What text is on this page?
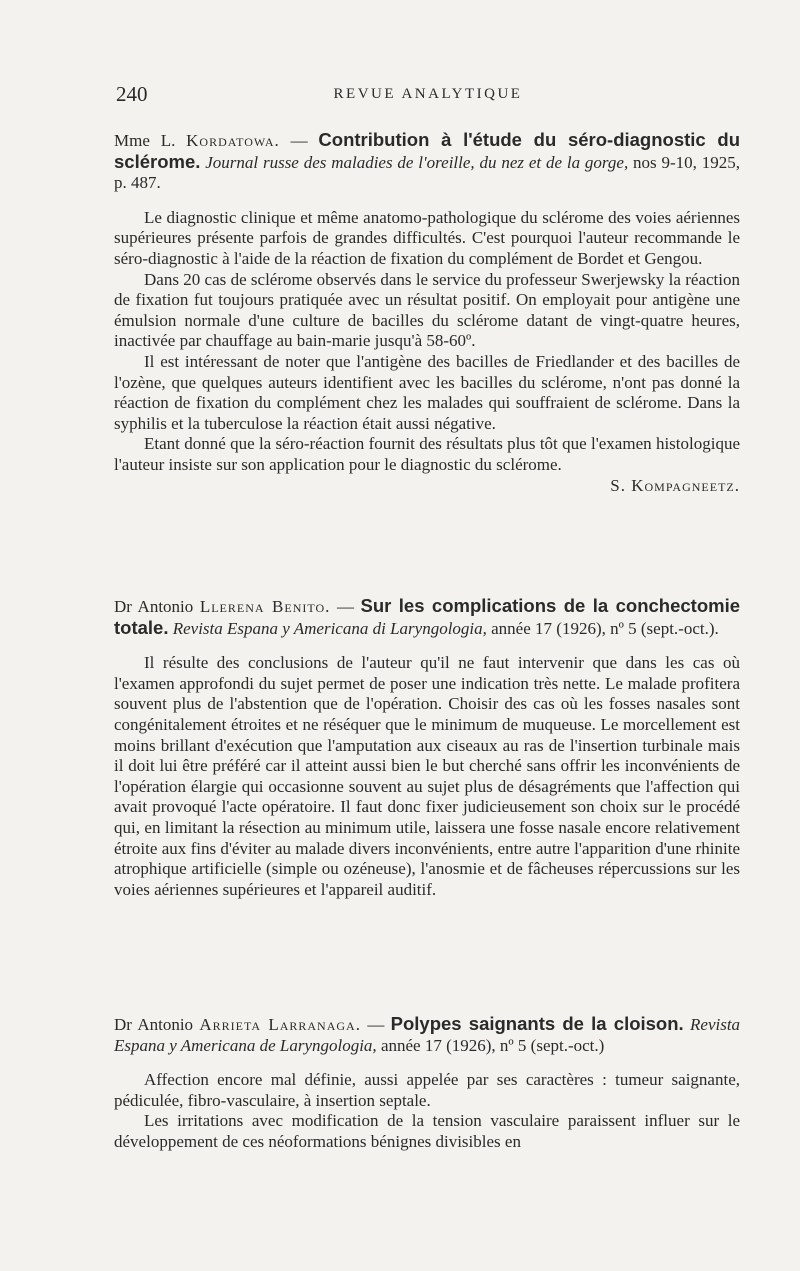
240	REVUE ANALYTIQUE
Mme L. Kordatowa. — Contribution à l'étude du séro-diagnostic du sclérome. Journal russe des maladies de l'oreille, du nez et de la gorge, nos 9-10, 1925, p. 487.

Le diagnostic clinique et même anatomo-pathologique du sclérome des voies aériennes supérieures présente parfois de grandes difficultés. C'est pourquoi l'auteur recommande le séro-diagnostic à l'aide de la réaction de fixation du complément de Bordet et Gengou.

Dans 20 cas de sclérome observés dans le service du professeur Swerjewsky la réaction de fixation fut toujours pratiquée avec un résultat positif. On employait pour antigène une émulsion normale d'une culture de bacilles du sclérome datant de vingt-quatre heures, inactivée par chauffage au bain-marie jusqu'à 58-60º.

Il est intéressant de noter que l'antigène des bacilles de Friedlander et des bacilles de l'ozène, que quelques auteurs identifient avec les bacilles du sclérome, n'ont pas donné la réaction de fixation du complément chez les malades qui souffraient de sclérome. Dans la syphilis et la tuberculose la réaction était aussi négative.

Etant donné que la séro-réaction fournit des résultats plus tôt que l'examen histologique l'auteur insiste sur son application pour le diagnostic du sclérome.

S. Kompagneetz.
Dr Antonio Llerena Benito. — Sur les complications de la conchectomie totale. Revista Espana y Americana di Laryngologia, année 17 (1926), nº 5 (sept.-oct.).

Il résulte des conclusions de l'auteur qu'il ne faut intervenir que dans les cas où l'examen approfondi du sujet permet de poser une indication très nette. Le malade profitera souvent plus de l'abstention que de l'opération. Choisir des cas où les fosses nasales sont congénitalement étroites et ne réséquer que le minimum de muqueuse. Le morcellement est moins brillant d'exécution que l'amputation aux ciseaux au ras de l'insertion turbinale mais il doit lui être préféré car il atteint aussi bien le but cherché sans offrir les inconvénients de l'opération élargie qui occasionne souvent au sujet plus de désagréments que l'affection qui avait provoqué l'acte opératoire. Il faut donc fixer judicieusement son choix sur le procédé qui, en limitant la résection au minimum utile, laissera une fosse nasale encore relativement étroite aux fins d'éviter au malade divers inconvénients, entre autre l'apparition d'une rhinite atrophique artificielle (simple ou ozéneuse), l'anosmie et de fâcheuses répercussions sur les voies aériennes supérieures et l'appareil auditif.

Dr Antonio Arrieta Larranaga. — Polypes saignants de la cloison. Revista Espana y Americana de Laryngologia, année 17 (1926), nº 5 (sept.-oct.)

Affection encore mal définie, aussi appelée par ses caractères : tumeur saignante, pédiculée, fibro-vasculaire, à insertion septale.

Les irritations avec modification de la tension vasculaire paraissent influer sur le développement de ces néoformations bénignes divisibles en
